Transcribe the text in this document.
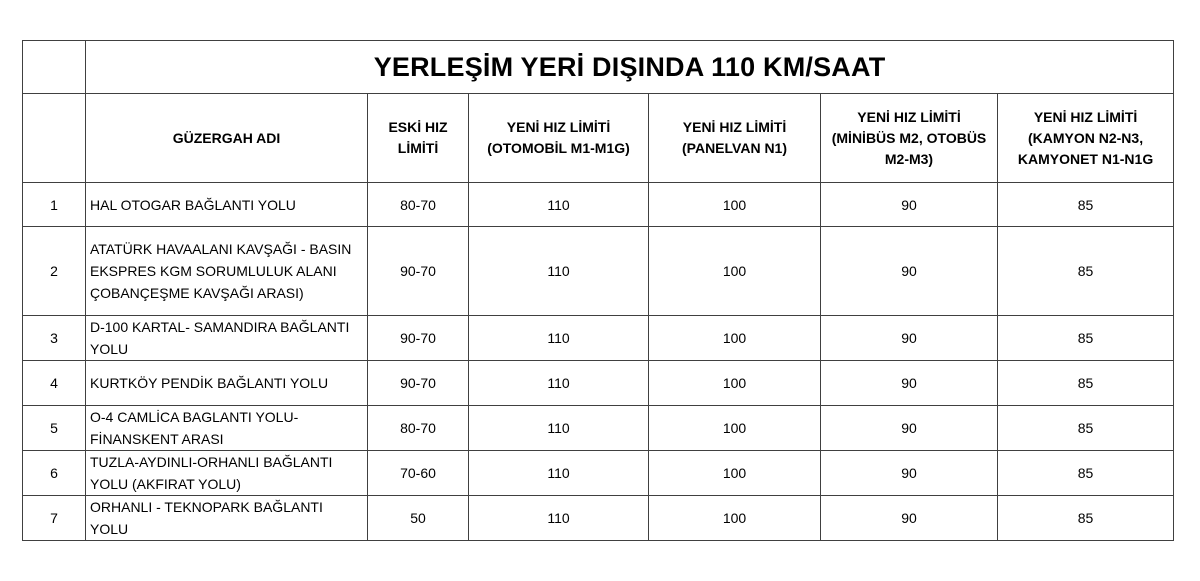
	YERLEŞİM YERİ DIŞINDA 110 KM/SAAT					
	GÜZERGAH ADI	ESKİ HIZ LİMİTİ	YENİ HIZ LİMİTİ (OTOMOBİL M1-M1G)	YENİ HIZ LİMİTİ (PANELVAN N1)	YENİ HIZ LİMİTİ (MİNİBÜS M2, OTOBÜS M2-M3)	YENİ HIZ LİMİTİ (KAMYON N2-N3, KAMYONET N1-N1G
1	HAL OTOGAR BAĞLANTI YOLU	80-70	110	100	90	85
2	ATATÜRK HAVAALANI KAVŞAĞI - BASIN EKSPRES KGM SORUMLULUK ALANI ÇOBANÇEŞME KAVŞAĞI ARASI)	90-70	110	100	90	85
3	D-100 KARTAL- SAMANDIRA BAĞLANTI YOLU	90-70	110	100	90	85
4	KURTKÖY PENDİK BAĞLANTI YOLU	90-70	110	100	90	85
5	O-4 CAMLİCA BAGLANTI YOLU- FİNANSKENT ARASI	80-70	110	100	90	85
6	TUZLA-AYDINLI-ORHANLI BAĞLANTI YOLU (AKFIRAT YOLU)	70-60	110	100	90	85
7	ORHANLI - TEKNOPARK BAĞLANTI YOLU	50	110	100	90	85
